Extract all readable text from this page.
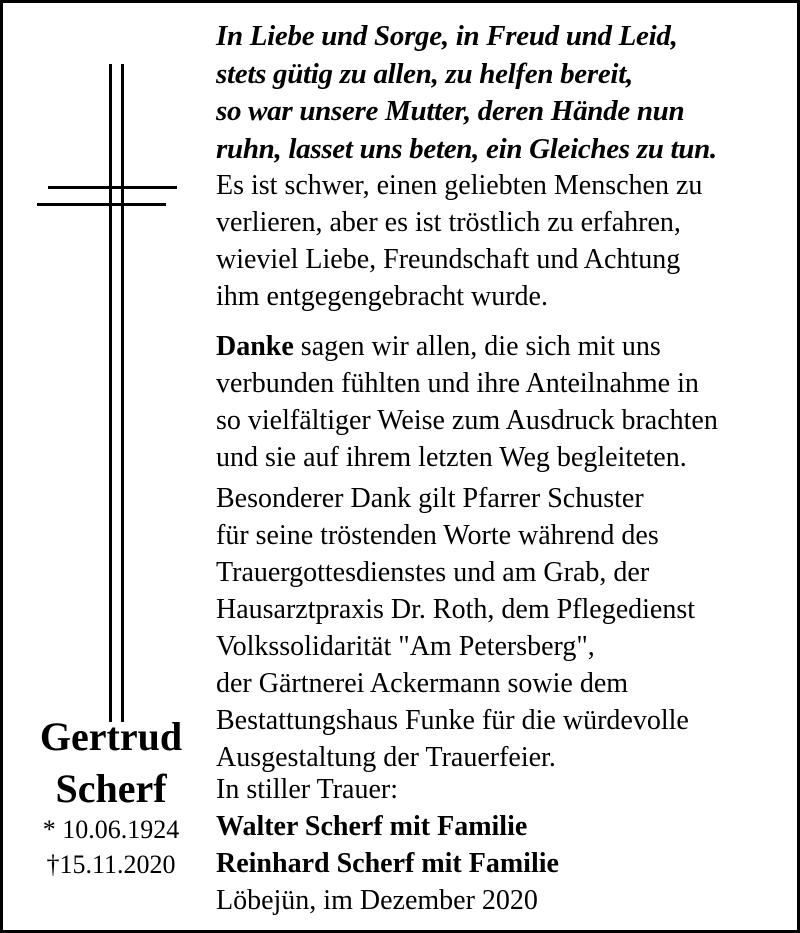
Gertrud
Scherf
* 10.06.1924
†15.11.2020

In Liebe und Sorge, in Freud und Leid,
stets gütig zu allen, zu helfen bereit,
so war unsere Mutter, deren Hände nun
ruhn, lasset uns beten, ein Gleiches zu tun.

Es ist schwer, einen geliebten Menschen zu
verlieren, aber es ist tröstlich zu erfahren,
wieviel Liebe, Freundschaft und Achtung
ihm entgegengebracht wurde.

Danke sagen wir allen, die sich mit uns
verbunden fühlten und ihre Anteilnahme in
so vielfältiger Weise zum Ausdruck brachten
und sie auf ihrem letzten Weg begleiteten.

Besonderer Dank gilt Pfarrer Schuster
für seine tröstenden Worte während des
Trauergottesdienstes und am Grab, der
Hausarztpraxis Dr. Roth, dem Pflegedienst
Volkssolidarität "Am Petersberg",
der Gärtnerei Ackermann sowie dem
Bestattungshaus Funke für die würdevolle
Ausgestaltung der Trauerfeier.

In stiller Trauer:
Walter Scherf mit Familie
Reinhard Scherf mit Familie

Löbejün, im Dezember 2020
